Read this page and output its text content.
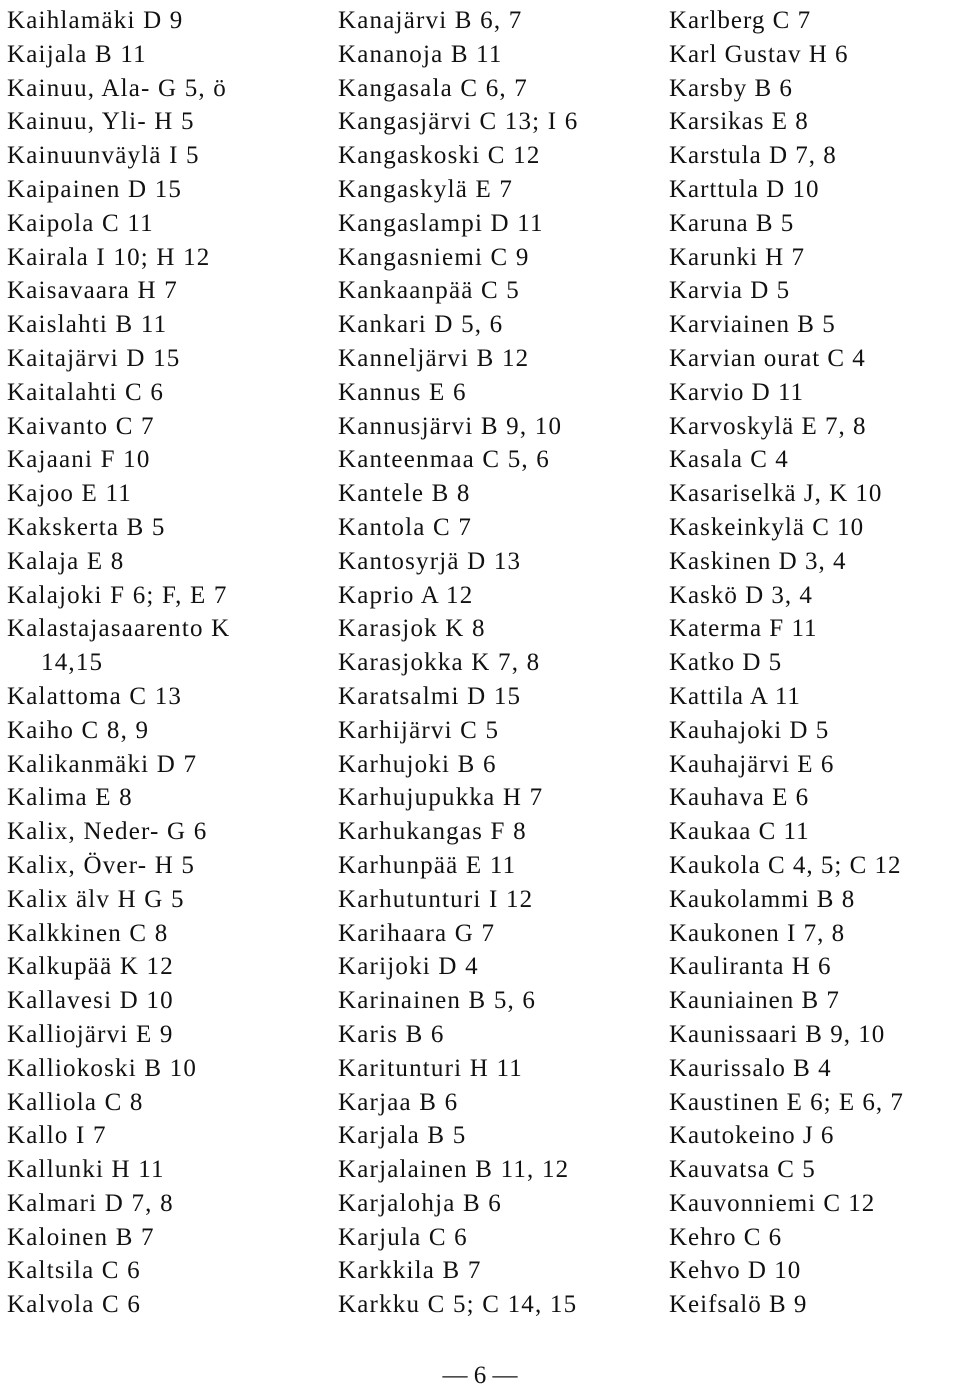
Kaihlamäki D 9
Kaijala B 11
Kainuu, Ala- G 5, ö
Kainuu, Yli- H 5
Kainuunväylä I 5
Kaipainen D 15
Kaipola C 11
Kairala I 10; H 12
Kaisavaara H 7
Kaislahti B 11
Kaitajärvi D 15
Kaitalahti C 6
Kaivanto C 7
Kajaani F 10
Kajoo E 11
Kakskerta B 5
Kalaja E 8
Kalajoki F 6; F, E 7
Kalastajasaarento K
14,15
Kalattoma C 13
Kaiho C 8, 9
Kalikanmäki D 7
Kalima E 8
Kalix, Neder- G 6
Kalix, Över- H 5
Kalix älv H G 5
Kalkkinen C 8
Kalkupää K 12
Kallavesi D 10
Kalliojärvi E 9
Kalliokoski B 10
Kalliola C 8
Kallo I 7
Kallunki H 11
Kalmari D 7, 8
Kaloinen B 7
Kaltsila C 6
Kalvola C 6
Kanajärvi B 6, 7
Kananoja B 11
Kangasala C 6, 7
Kangasjärvi C 13; I 6
Kangaskoski C 12
Kangaskylä E 7
Kangaslampi D 11
Kangasniemi C 9
Kankaanpää C 5
Kankari D 5, 6
Kanneljärvi B 12
Kannus E 6
Kannusjärvi B 9, 10
Kanteenmaa C 5, 6
Kantele B 8
Kantola C 7
Kantosyrjä D 13
Kaprio A 12
Karasjok K 8
Karasjokka K 7, 8
Karatsalmi D 15
Karhijärvi C 5
Karhujoki B 6
Karhujupukka H 7
Karhukangas F 8
Karhunpää E 11
Karhutunturi I 12
Karihaara G 7
Karijoki D 4
Karinainen B 5, 6
Karis B 6
Karitunturi H 11
Karjaa B 6
Karjala B 5
Karjalainen B 11, 12
Karjalohja B 6
Karjula C 6
Karkkila B 7
Karkku C 5; C 14, 15
Karlberg C 7
Karl Gustav H 6
Karsby B 6
Karsikas E 8
Karstula D 7, 8
Karttula D 10
Karuna B 5
Karunki H 7
Karvia D 5
Karviainen B 5
Karvian ourat C 4
Karvio D 11
Karvoskylä E 7, 8
Kasala C 4
Kasariselkä J, K 10
Kaskeinkylä C 10
Kaskinen D 3, 4
Kaskö D 3, 4
Katerma F 11
Katko D 5
Kattila A 11
Kauhajoki D 5
Kauhajärvi E 6
Kauhava E 6
Kaukaa C 11
Kaukola C 4, 5; C 12
Kaukolammi B 8
Kaukonen I 7, 8
Kauliranta H 6
Kauniainen B 7
Kaunissaari B 9, 10
Kaurissalo B 4
Kaustinen E 6; E 6, 7
Kautokeino J 6
Kauvatsa C 5
Kauvonniemi C 12
Kehro C 6
Kehvo D 10
Keifsalö B 9
— 6 —
